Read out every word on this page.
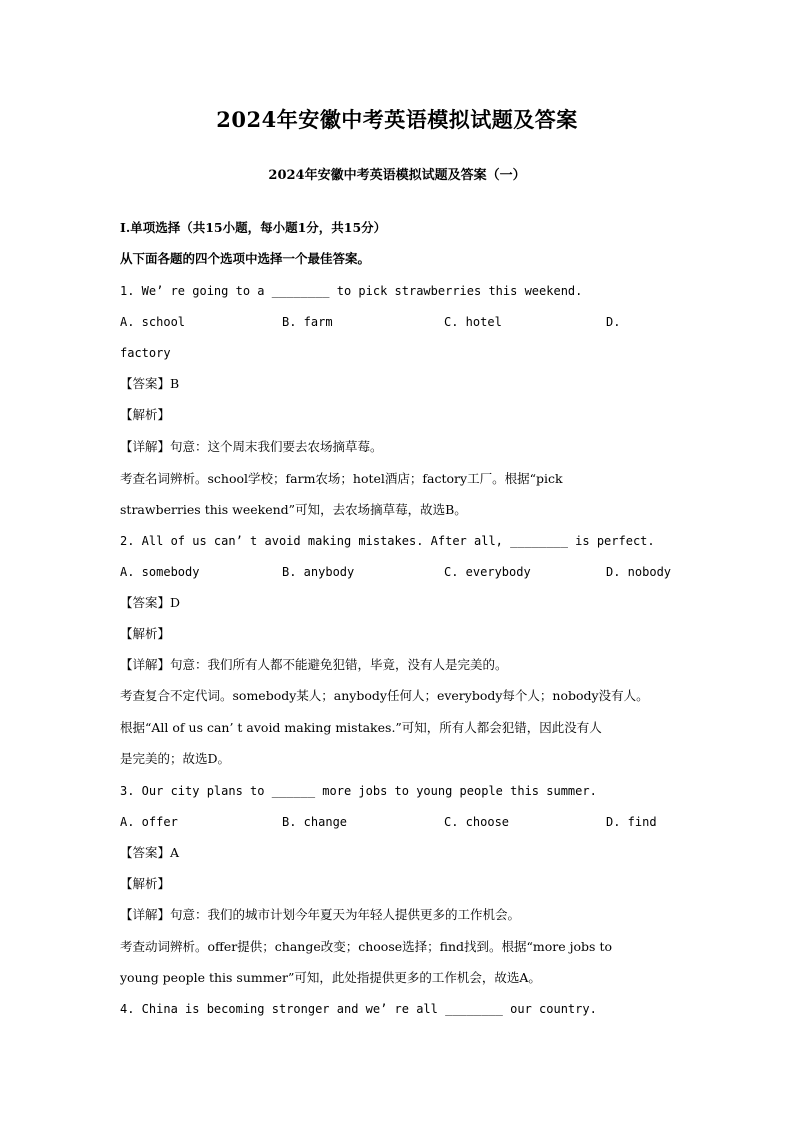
2024年安徽中考英语模拟试题及答案
2024年安徽中考英语模拟试题及答案（一）
I.单项选择（共15小题，每小题1分，共15分）
从下面各题的四个选项中选择一个最佳答案。
1. We’ re going to a ________ to pick strawberries this weekend.
A. school	B. farm	C. hotel	D.
factory
【答案】B
【解析】
【详解】句意：这个周末我们要去农场摘草莓。
考查名词辨析。school学校；farm农场；hotel酒店；factory工厂。根据“pick
strawberries this weekend”可知，去农场摘草莓，故选B。
2. All of us can’ t avoid making mistakes. After all, ________ is perfect.
A. somebody	B. anybody	C. everybody	D. nobody
【答案】D
【解析】
【详解】句意：我们所有人都不能避免犯错，毕竟，没有人是完美的。
考查复合不定代词。somebody某人；anybody任何人；everybody每个人；nobody没有人。
根据“All of us can’ t avoid making mistakes.”可知，所有人都会犯错，因此没有人
是完美的；故选D。
3. Our city plans to ______ more jobs to young people this summer.
A. offer	B. change	C. choose	D. find
【答案】A
【解析】
【详解】句意：我们的城市计划今年夏天为年轻人提供更多的工作机会。
考查动词辨析。offer提供；change改变；choose选择；find找到。根据“more jobs to
young people this summer”可知，此处指提供更多的工作机会，故选A。
4. China is becoming stronger and we’ re all ________ our country.
